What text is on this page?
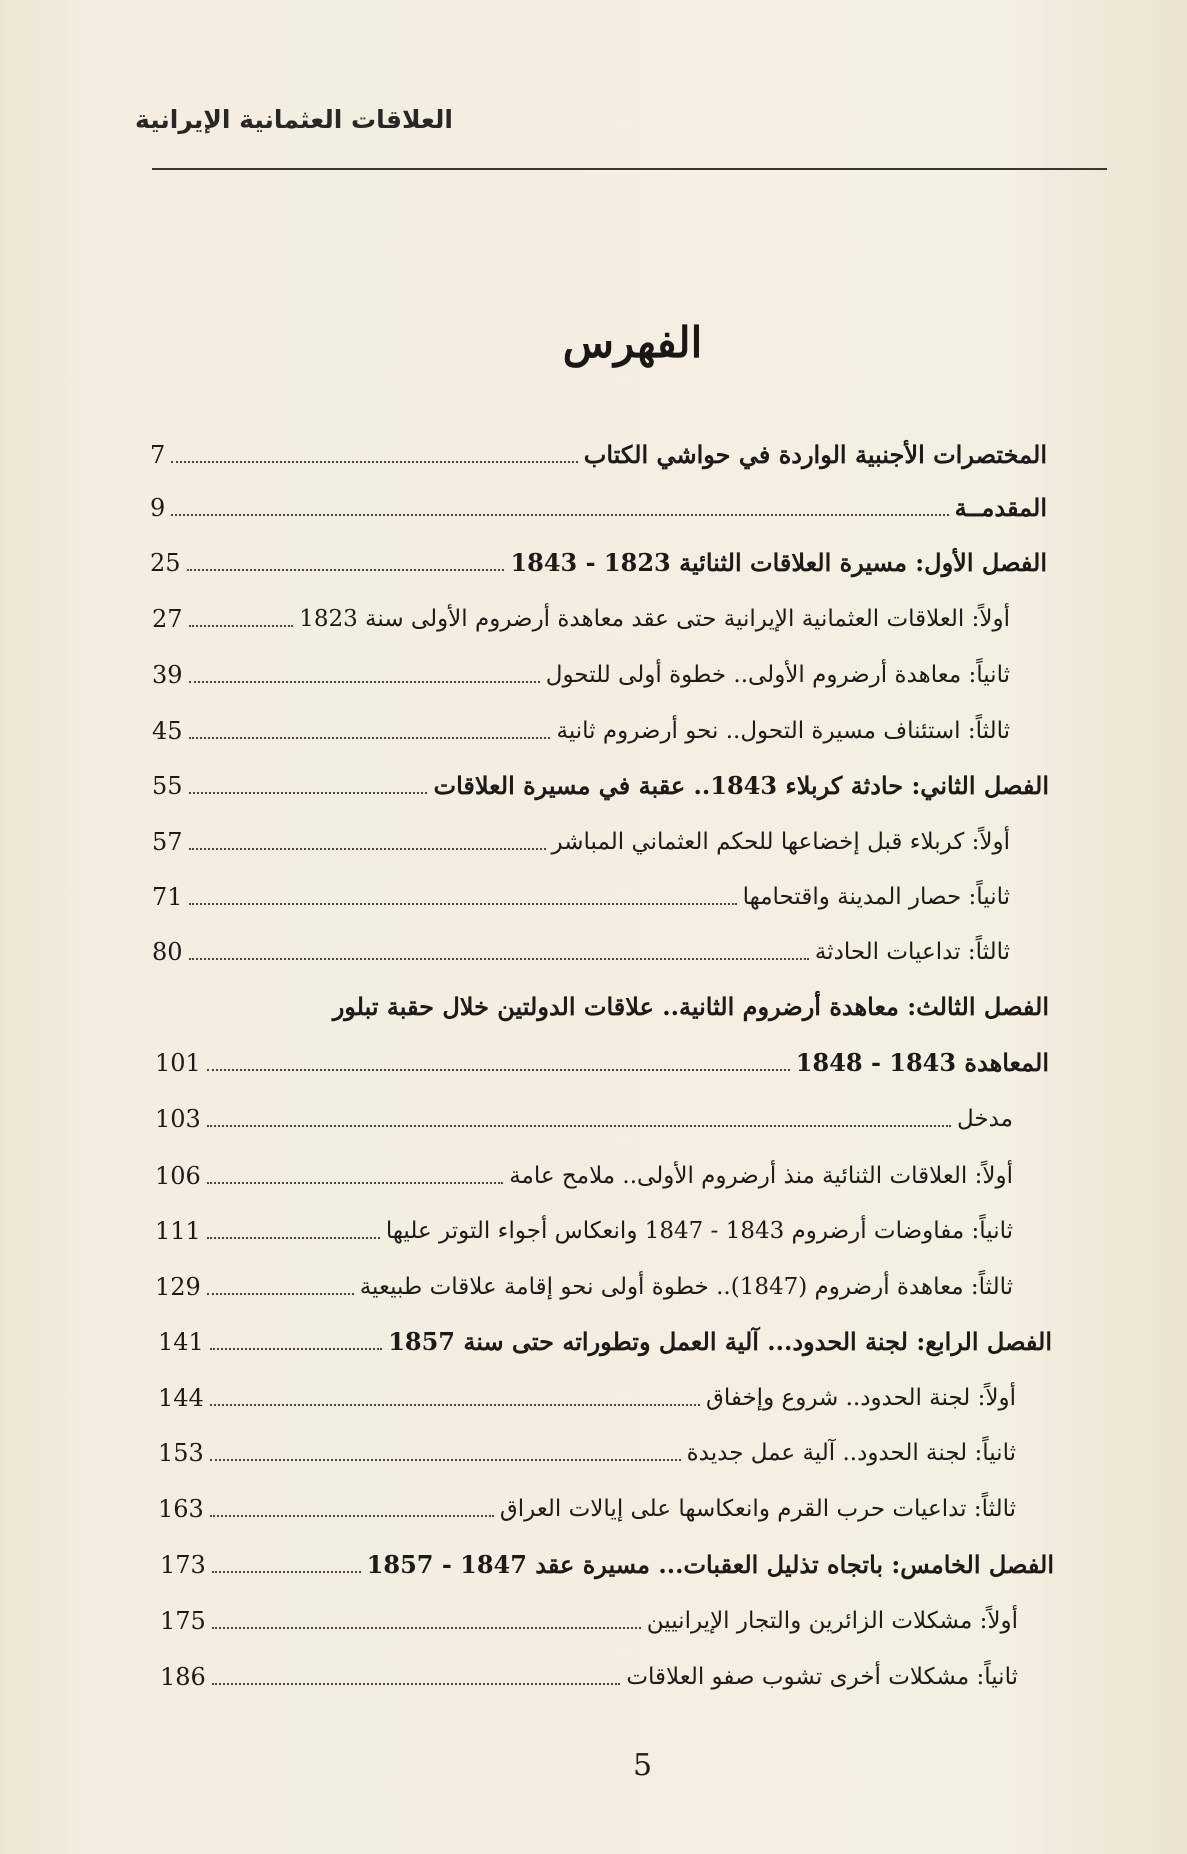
العلاقات العثمانية الإيرانية
الفهرس
المختصرات الأجنبية الواردة في حواشي الكتاب
7
المقدمــة
9
الفصل الأول: مسيرة العلاقات الثنائية 1823 - 1843
25
أولاً: العلاقات العثمانية الإيرانية حتى عقد معاهدة أرضروم الأولى سنة 1823
27
ثانياً: معاهدة أرضروم الأولى.. خطوة أولى للتحول
39
ثالثاً: استئناف مسيرة التحول.. نحو أرضروم ثانية
45
الفصل الثاني: حادثة كربلاء 1843.. عقبة في مسيرة العلاقات
55
أولاً: كربلاء قبل إخضاعها للحكم العثماني المباشر
57
ثانياً: حصار المدينة واقتحامها
71
ثالثاً: تداعيات الحادثة
80
الفصل الثالث: معاهدة أرضروم الثانية.. علاقات الدولتين خلال حقبة تبلور
المعاهدة 1843 - 1848
101
مدخل
103
أولاً: العلاقات الثنائية منذ أرضروم الأولى.. ملامح عامة
106
ثانياً: مفاوضات أرضروم 1843 - 1847 وانعكاس أجواء التوتر عليها
111
ثالثاً: معاهدة أرضروم (1847).. خطوة أولى نحو إقامة علاقات طبيعية
129
الفصل الرابع: لجنة الحدود... آلية العمل وتطوراته حتى سنة 1857
141
أولاً: لجنة الحدود.. شروع وإخفاق
144
ثانياً: لجنة الحدود.. آلية عمل جديدة
153
ثالثاً: تداعيات حرب القرم وانعكاسها على إيالات العراق
163
الفصل الخامس: باتجاه تذليل العقبات... مسيرة عقد 1847 - 1857
173
أولاً: مشكلات الزائرين والتجار الإيرانيين
175
ثانياً: مشكلات أخرى تشوب صفو العلاقات
186
5
